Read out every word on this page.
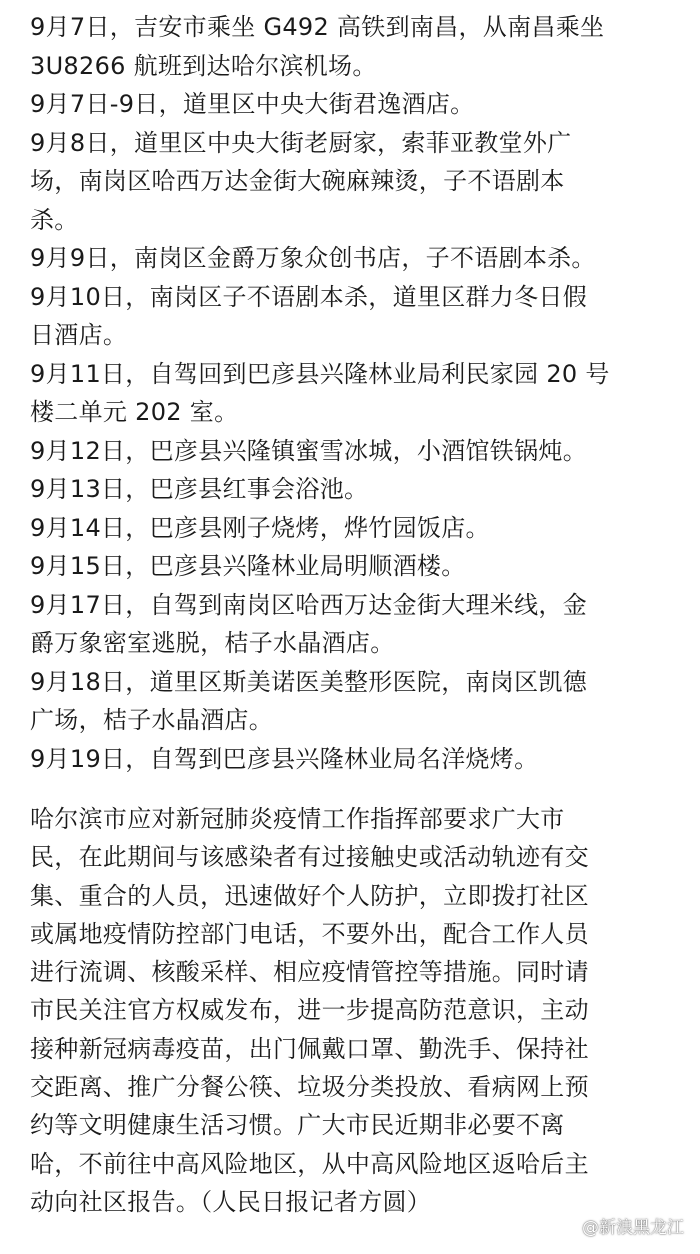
9月7日，吉安市乘坐 G492 高铁到南昌，从南昌乘坐
3U8266 航班到达哈尔滨机场。
9月7日-9日，道里区中央大街君逸酒店。
9月8日，道里区中央大街老厨家，索菲亚教堂外广
场，南岗区哈西万达金街大碗麻辣烫，子不语剧本
杀。
9月9日，南岗区金爵万象众创书店，子不语剧本杀。
9月10日，南岗区子不语剧本杀，道里区群力冬日假
日酒店。
9月11日，自驾回到巴彦县兴隆林业局利民家园 20 号
楼二单元 202 室。
9月12日，巴彦县兴隆镇蜜雪冰城，小酒馆铁锅炖。
9月13日，巴彦县红事会浴池。
9月14日，巴彦县刚子烧烤，烨竹园饭店。
9月15日，巴彦县兴隆林业局明顺酒楼。
9月17日，自驾到南岗区哈西万达金街大理米线，金
爵万象密室逃脱，桔子水晶酒店。
9月18日，道里区斯美诺医美整形医院，南岗区凯德
广场，桔子水晶酒店。
9月19日，自驾到巴彦县兴隆林业局名洋烧烤。
哈尔滨市应对新冠肺炎疫情工作指挥部要求广大市
民，在此期间与该感染者有过接触史或活动轨迹有交
集、重合的人员，迅速做好个人防护，立即拨打社区
或属地疫情防控部门电话，不要外出，配合工作人员
进行流调、核酸采样、相应疫情管控等措施。同时请
市民关注官方权威发布，进一步提高防范意识，主动
接种新冠病毒疫苗，出门佩戴口罩、勤洗手、保持社
交距离、推广分餐公筷、垃圾分类投放、看病网上预
约等文明健康生活习惯。广大市民近期非必要不离
哈，不前往中高风险地区，从中高风险地区返哈后主
动向社区报告。（人民日报记者方圆）
@新浪黑龙江
